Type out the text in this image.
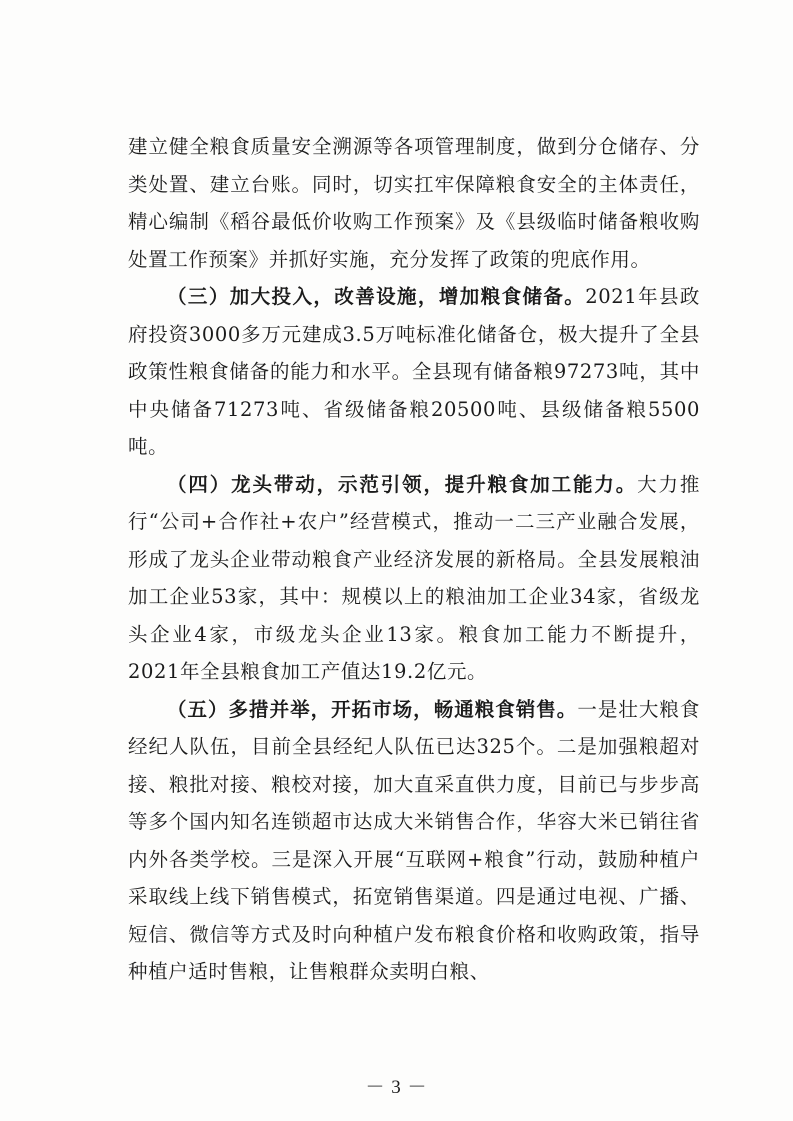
建立健全粮食质量安全溯源等各项管理制度，做到分仓储存、分类处置、建立台账。同时，切实扛牢保障粮食安全的主体责任，精心编制《稻谷最低价收购工作预案》及《县级临时储备粮收购处置工作预案》并抓好实施，充分发挥了政策的兜底作用。

（三）加大投入，改善设施，增加粮食储备。2021年县政府投资3000多万元建成3.5万吨标准化储备仓，极大提升了全县政策性粮食储备的能力和水平。全县现有储备粮97273吨，其中中央储备71273吨、省级储备粮20500吨、县级储备粮5500吨。

（四）龙头带动，示范引领，提升粮食加工能力。大力推行“公司+合作社+农户”经营模式，推动一二三产业融合发展，形成了龙头企业带动粮食产业经济发展的新格局。全县发展粮油加工企业53家，其中：规模以上的粮油加工企业34家，省级龙头企业4家，市级龙头企业13家。粮食加工能力不断提升，2021年全县粮食加工产值达19.2亿元。

（五）多措并举，开拓市场，畅通粮食销售。一是壮大粮食经纪人队伍，目前全县经纪人队伍已达325个。二是加强粮超对接、粮批对接、粮校对接，加大直采直供力度，目前已与步步高等多个国内知名连锁超市达成大米销售合作，华容大米已销往省内外各类学校。三是深入开展“互联网+粮食”行动，鼓励种植户采取线上线下销售模式，拓宽销售渠道。四是通过电视、广播、短信、微信等方式及时向种植户发布粮食价格和收购政策，指导种植户适时售粮，让售粮群众卖明白粮、

－ 3 －
